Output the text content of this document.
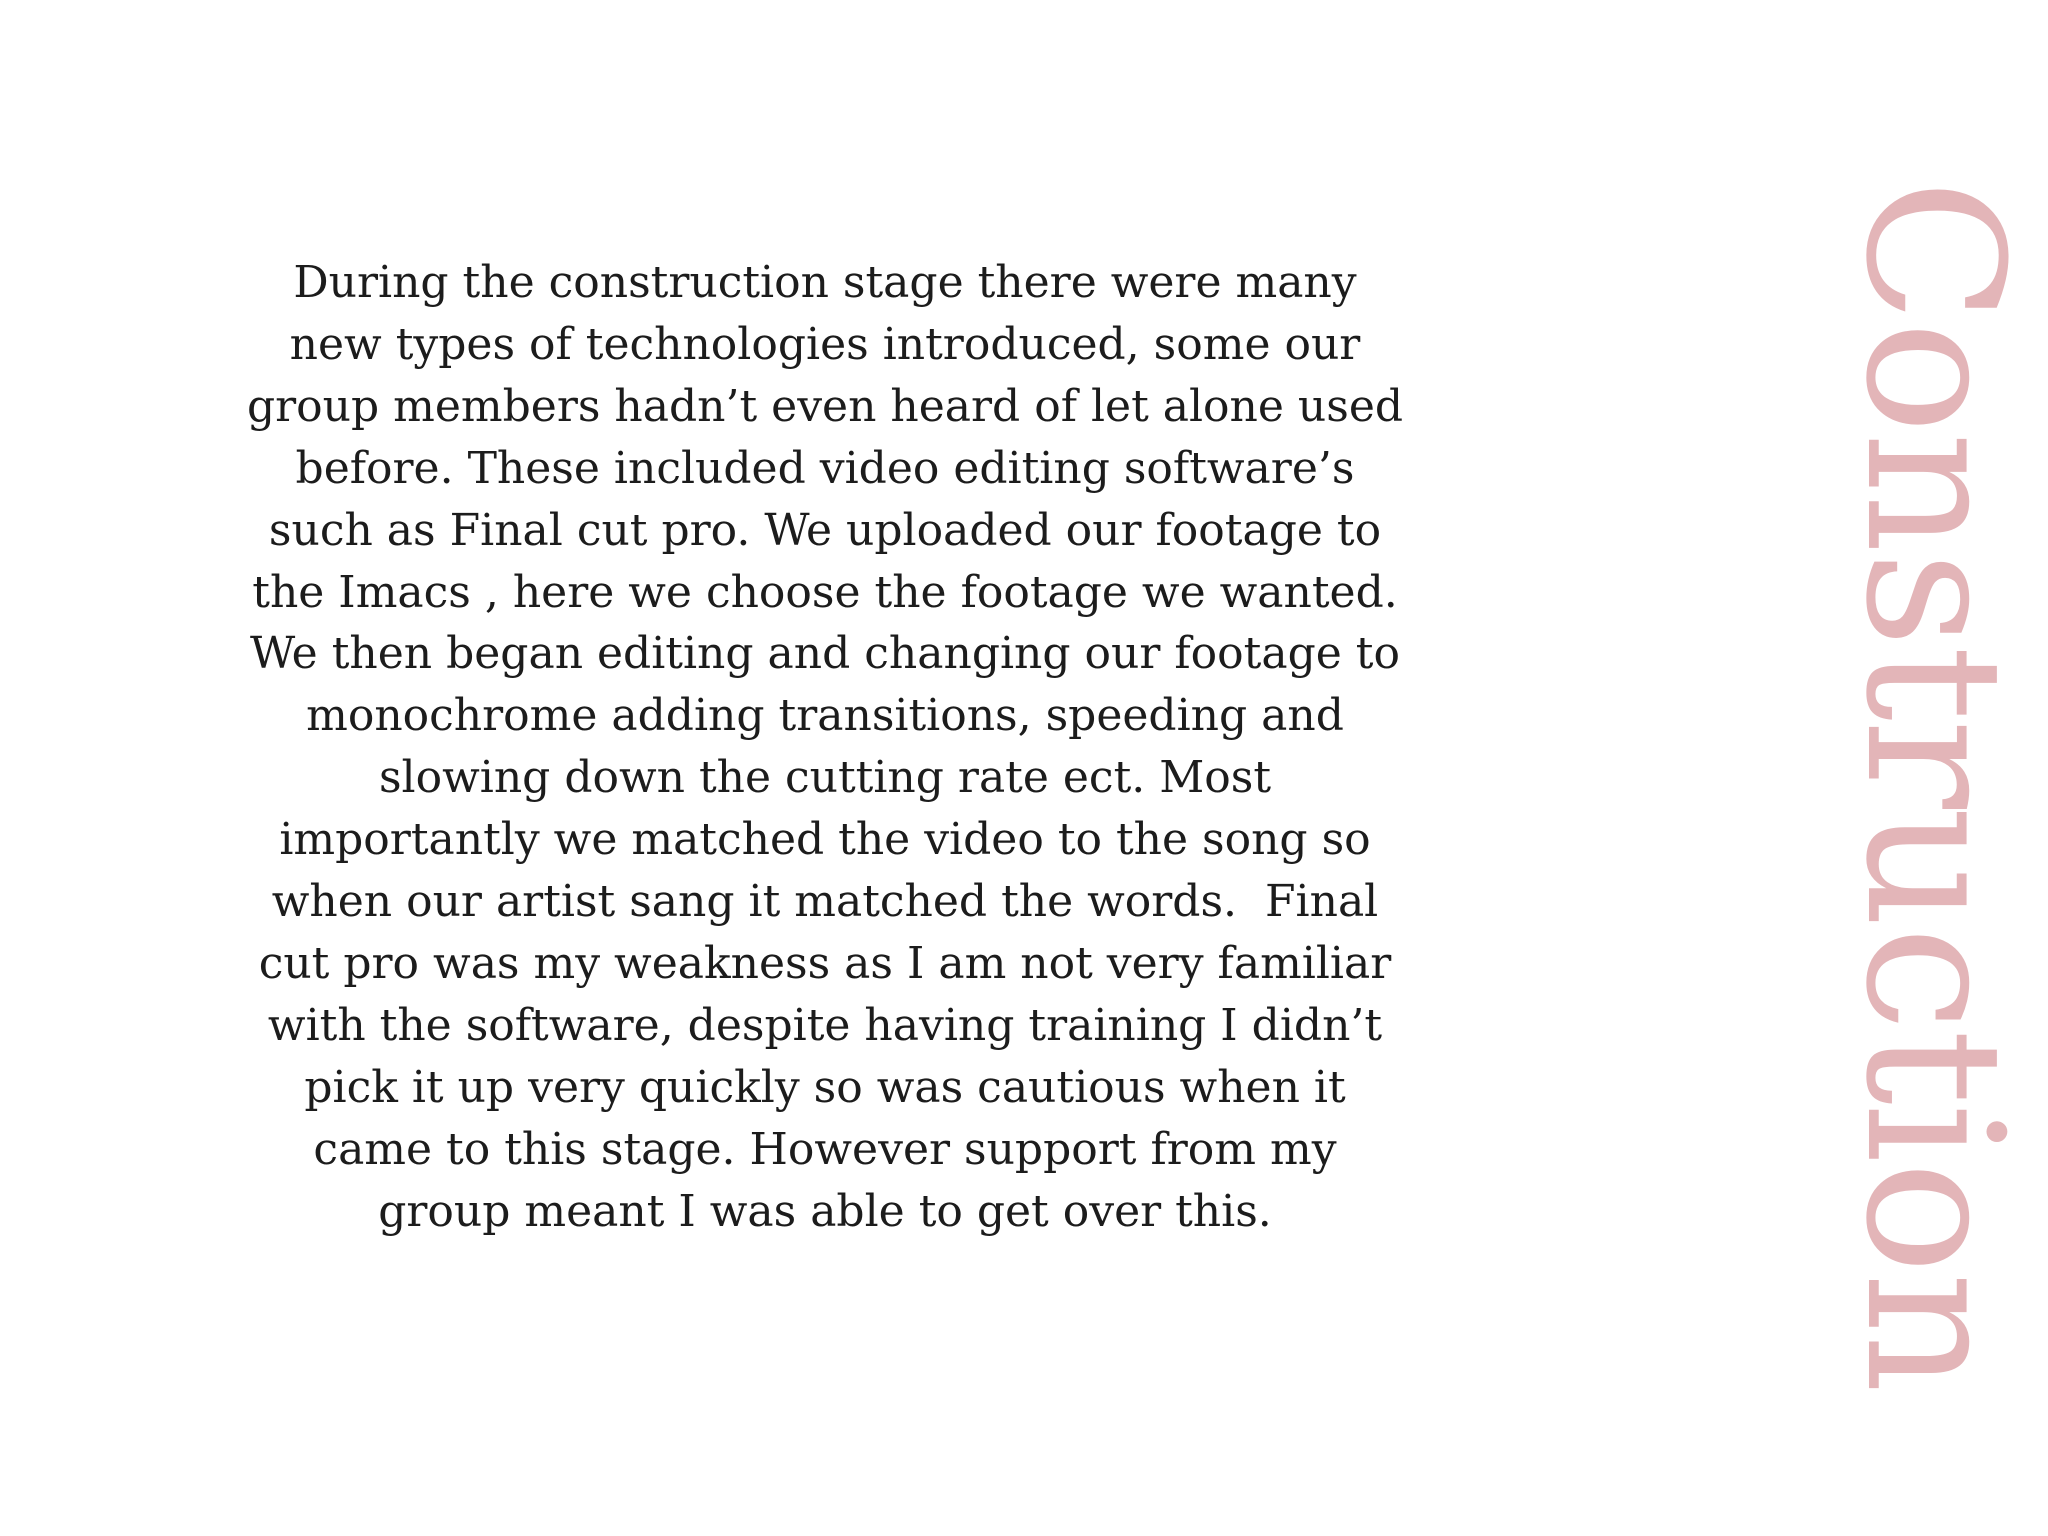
During the construction stage there were many
new types of technologies introduced, some our
group members hadn’t even heard of let alone used
before. These included video editing software’s
such as Final cut pro. We uploaded our footage to
the Imacs , here we choose the footage we wanted.
We then began editing and changing our footage to
monochrome adding transitions, speeding and
slowing down the cutting rate ect. Most
importantly we matched the video to the song so
when our artist sang it matched the words.  Final
cut pro was my weakness as I am not very familiar
with the software, despite having training I didn’t
pick it up very quickly so was cautious when it
came to this stage. However support from my
group meant I was able to get over this.	Construction
